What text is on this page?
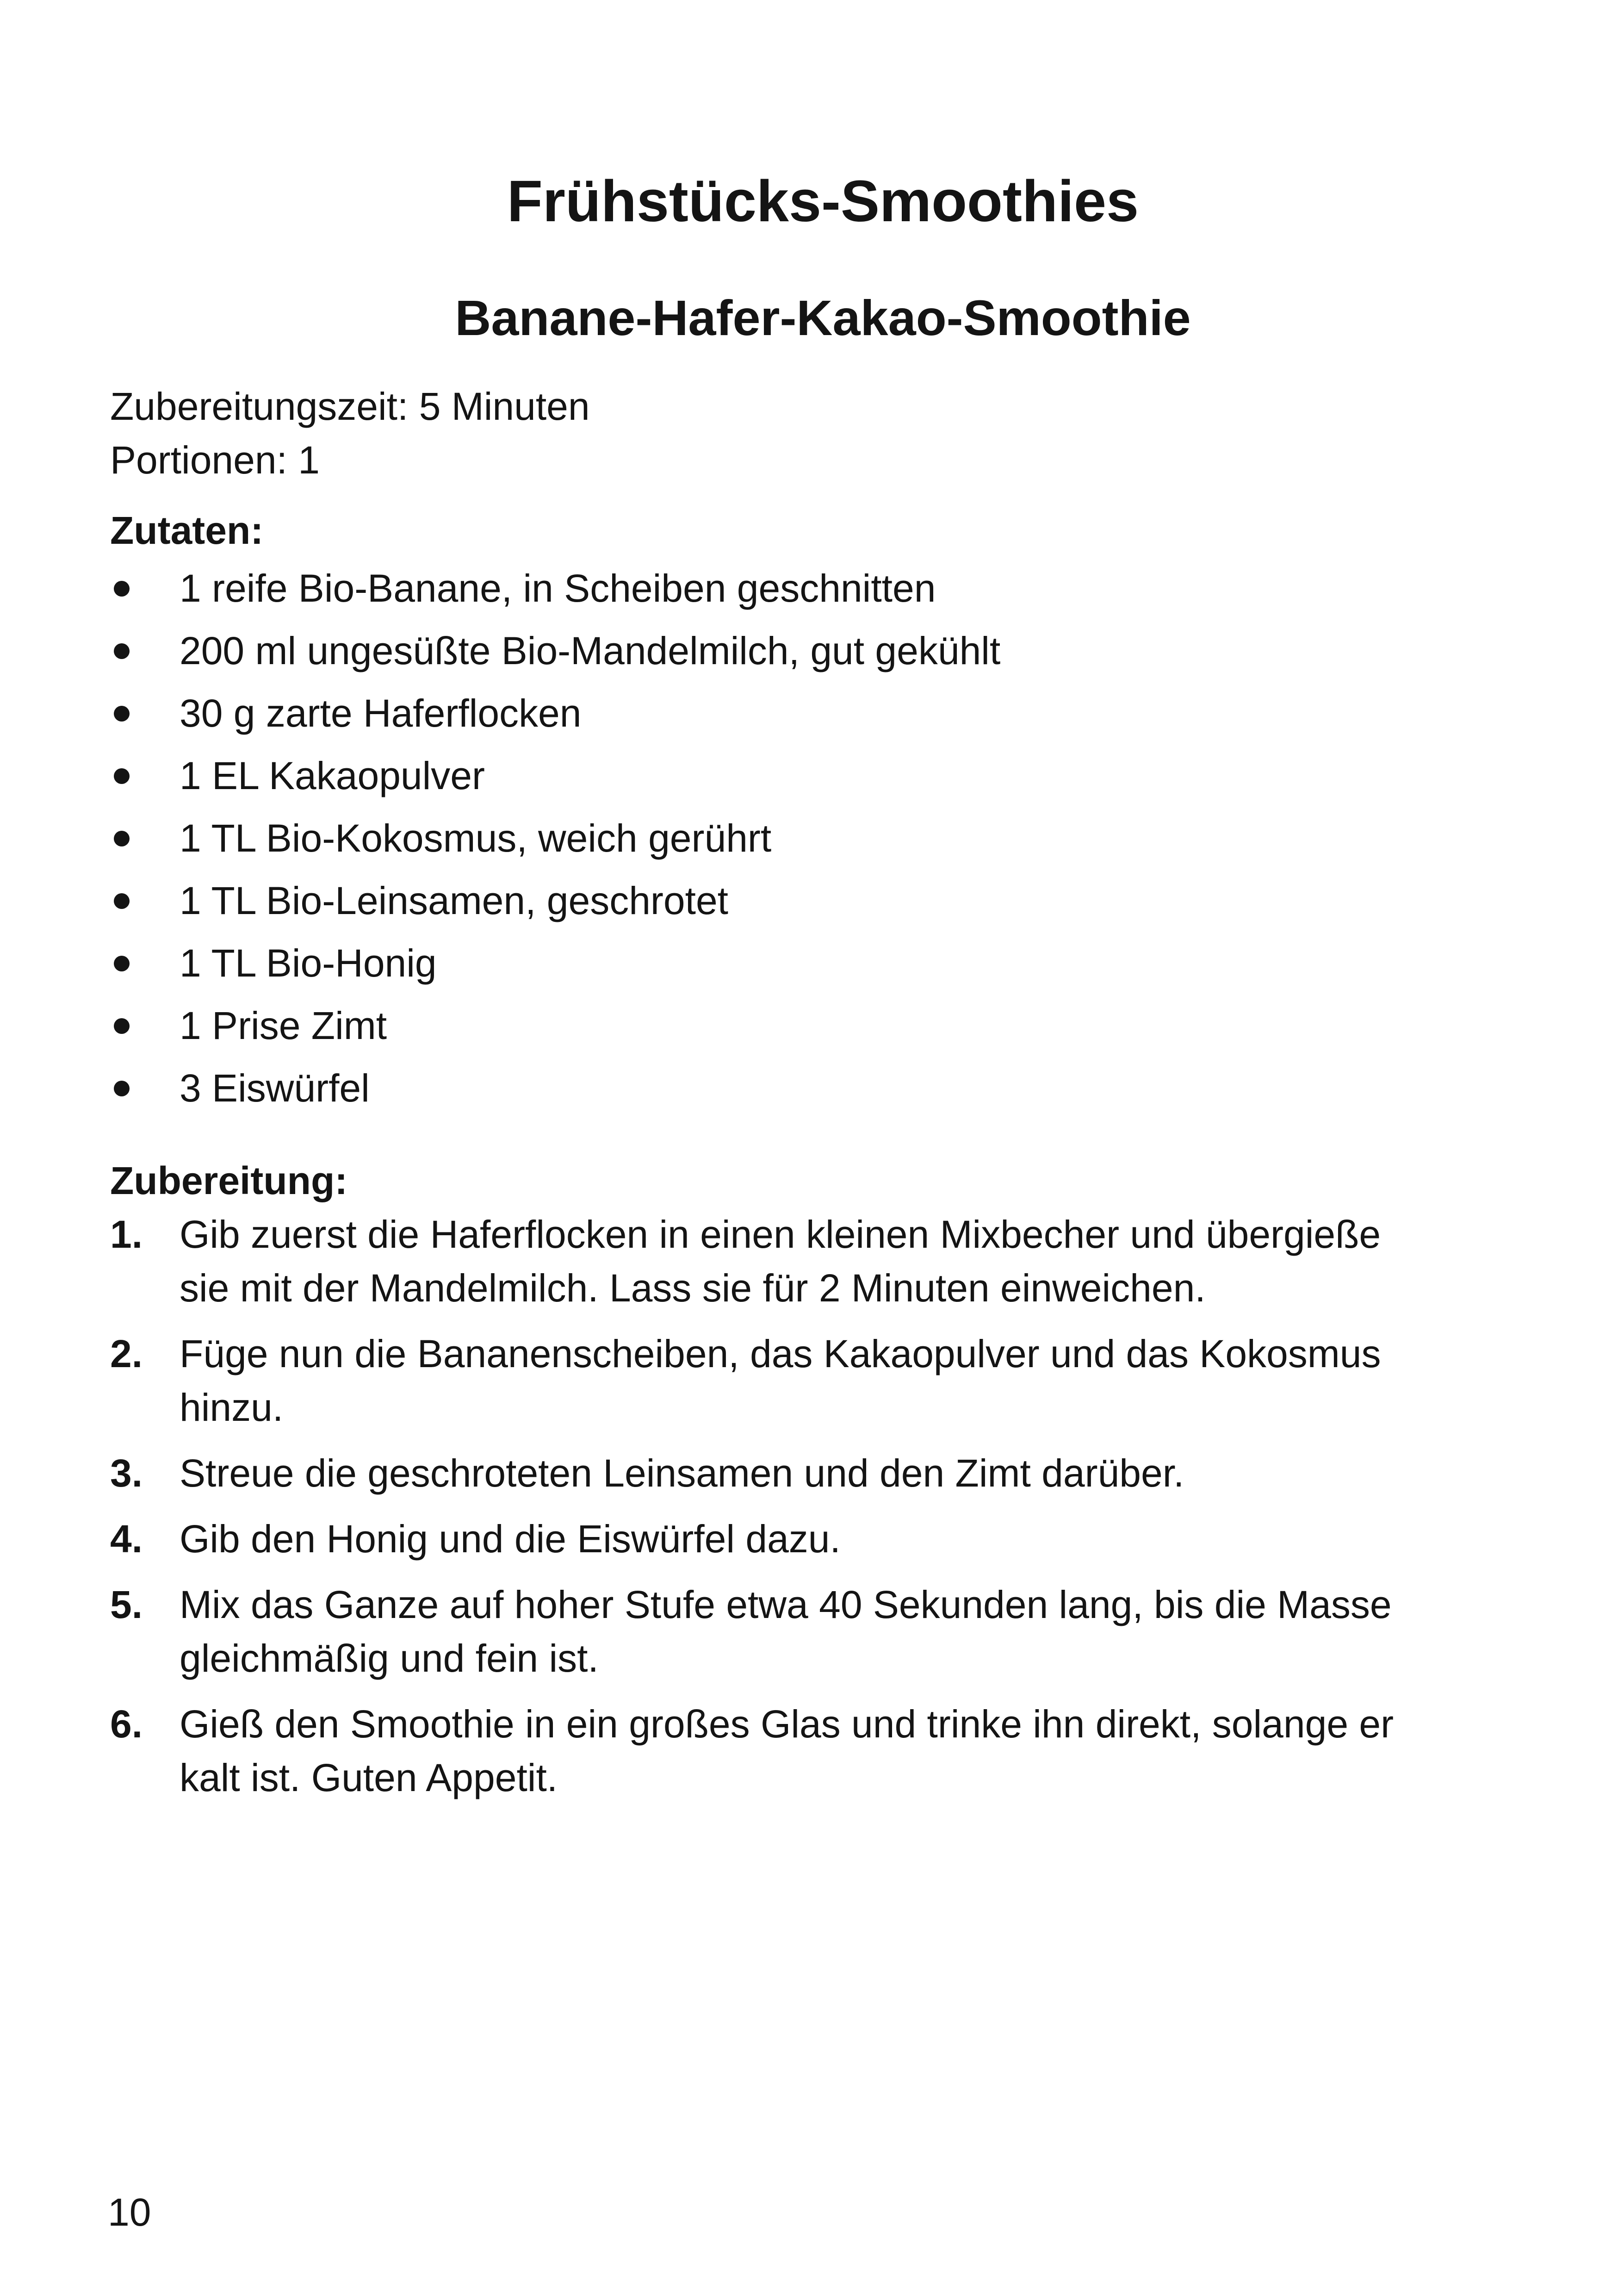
Frühstücks-Smoothies
Banane-Hafer-Kakao-Smoothie

Zubereitungszeit: 5 Minuten

Portionen: 1

Zutaten:

1 reife Bio-Banane, in Scheiben geschnitten
200 ml ungesüßte Bio-Mandelmilch, gut gekühlt
30 g zarte Haferflocken
1 EL Kakaopulver
1 TL Bio-Kokosmus, weich gerührt
1 TL Bio-Leinsamen, geschrotet
1 TL Bio-Honig
1 Prise Zimt
3 Eiswürfel

Zubereitung:

1. Gib zuerst die Haferflocken in einen kleinen Mixbecher und übergieße sie mit der Mandelmilch. Lass sie für 2 Minuten einweichen.
2. Füge nun die Bananenscheiben, das Kakaopulver und das Kokosmus hinzu.
3. Streue die geschroteten Leinsamen und den Zimt darüber.
4. Gib den Honig und die Eiswürfel dazu.
5. Mix das Ganze auf hoher Stufe etwa 40 Sekunden lang, bis die Masse gleichmäßig und fein ist.
6. Gieß den Smoothie in ein großes Glas und trinke ihn direkt, solange er kalt ist. Guten Appetit.
10
